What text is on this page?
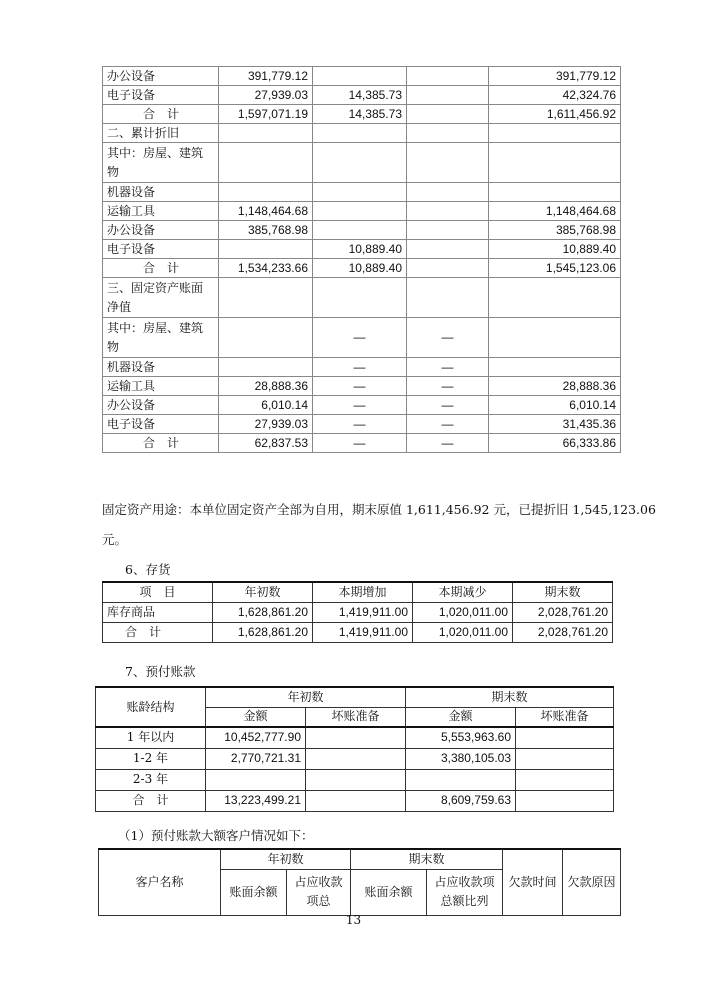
办公设备	391,779.12			391,779.12
电子设备	27,939.03	14,385.73		42,324.76
合　计	1,597,071.19	14,385.73		1,611,456.92
二、累计折旧				
其中：房屋、建筑物				
机器设备				
运输工具	1,148,464.68			1,148,464.68
办公设备	385,768.98			385,768.98
电子设备		10,889.40		10,889.40
合　计	1,534,233.66	10,889.40		1,545,123.06
三、固定资产账面净值				
其中：房屋、建筑物		—	—	
机器设备		—	—	
运输工具	28,888.36	—	—	28,888.36
办公设备	6,010.14	—	—	6,010.14
电子设备	27,939.03	—	—	31,435.36
合　计	62,837.53	—	—	66,333.86
固定资产用途：本单位固定资产全部为自用，期末原值 1,611,456.92 元，已提折旧 1,545,123.06
元。
6、存货
项　目	年初数	本期增加	本期减少	期末数
库存商品	1,628,861.20	1,419,911.00	1,020,011.00	2,028,761.20
合　计	1,628,861.20	1,419,911.00	1,020,011.00	2,028,761.20
7、预付账款
账龄结构	年初数		期末数	
	金额	坏账准备	金额	坏账准备
1 年以内	10,452,777.90		5,553,963.60	
1-2 年	2,770,721.31		3,380,105.03	
2-3 年				
合　计	13,223,499.21		8,609,759.63	
（1）预付账款大额客户情况如下：
客户名称	年初数		期末数		欠款时间	欠款原因
	账面余额	占应收款项总	账面余额	占应收款项总额比列		
13
